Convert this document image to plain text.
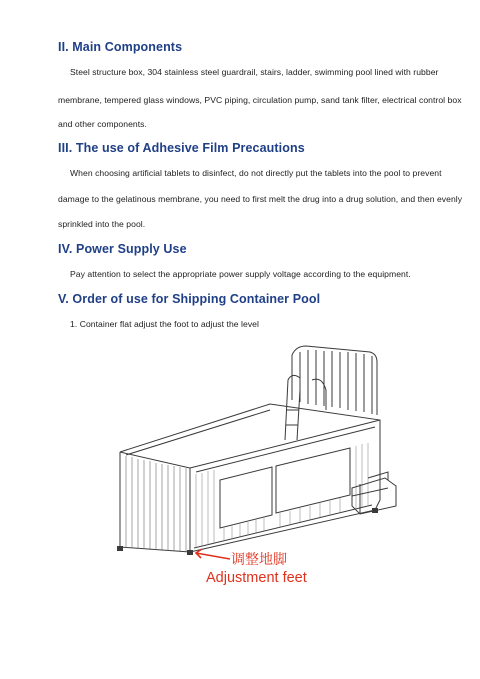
II. Main Components
Steel structure box, 304 stainless steel guardrail, stairs, ladder, swimming pool lined with rubber
membrane, tempered glass windows, PVC piping, circulation pump, sand tank filter, electrical control box
and other components.
III. The use of Adhesive Film Precautions
When choosing artificial tablets to disinfect, do not directly put the tablets into the pool to prevent
damage to the gelatinous membrane, you need to first melt the drug into a drug solution, and then evenly
sprinkled into the pool.
IV. Power Supply Use
Pay attention to select the appropriate power supply voltage according to the equipment.
V. Order of use for Shipping Container Pool
1. Container flat adjust the foot to adjust the level
调整地脚
Adjustment feet
